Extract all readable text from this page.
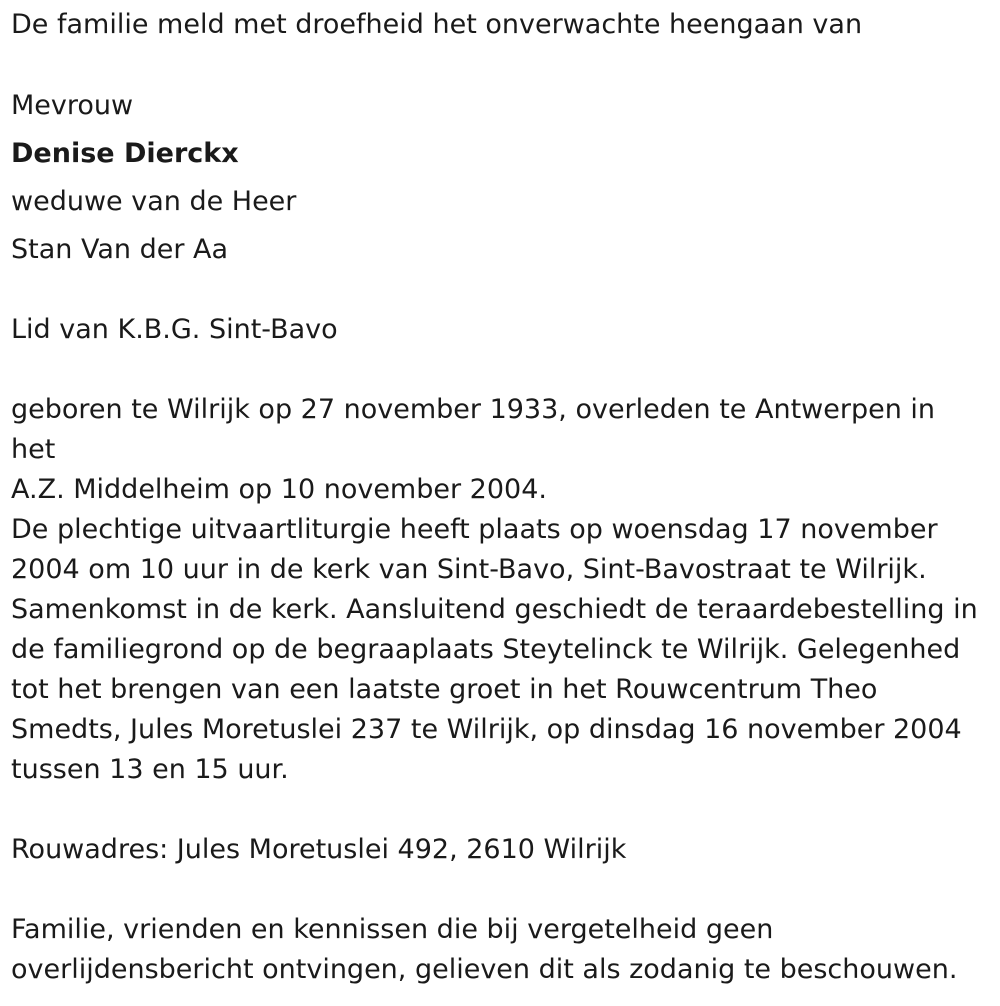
De familie meld met droefheid het onverwachte heengaan van
Mevrouw
Denise Dierckx
weduwe van de Heer
Stan Van der Aa
Lid van K.B.G. Sint-Bavo
geboren te Wilrijk op 27 november 1933, overleden te Antwerpen in het
A.Z. Middelheim op 10 november 2004.
De plechtige uitvaartliturgie heeft plaats op woensdag 17 november
2004 om 10 uur in de kerk van Sint-Bavo, Sint-Bavostraat te Wilrijk.
Samenkomst in de kerk. Aansluitend geschiedt de teraardebestelling in
de familiegrond op de begraaplaats Steytelinck te Wilrijk. Gelegenhed
tot het brengen van een laatste groet in het Rouwcentrum Theo
Smedts, Jules Moretuslei 237 te Wilrijk, op dinsdag 16 november 2004
tussen 13 en 15 uur.
Rouwadres: Jules Moretuslei 492, 2610 Wilrijk
Familie, vrienden en kennissen die bij vergetelheid geen
overlijdensbericht ontvingen, gelieven dit als zodanig te beschouwen.
